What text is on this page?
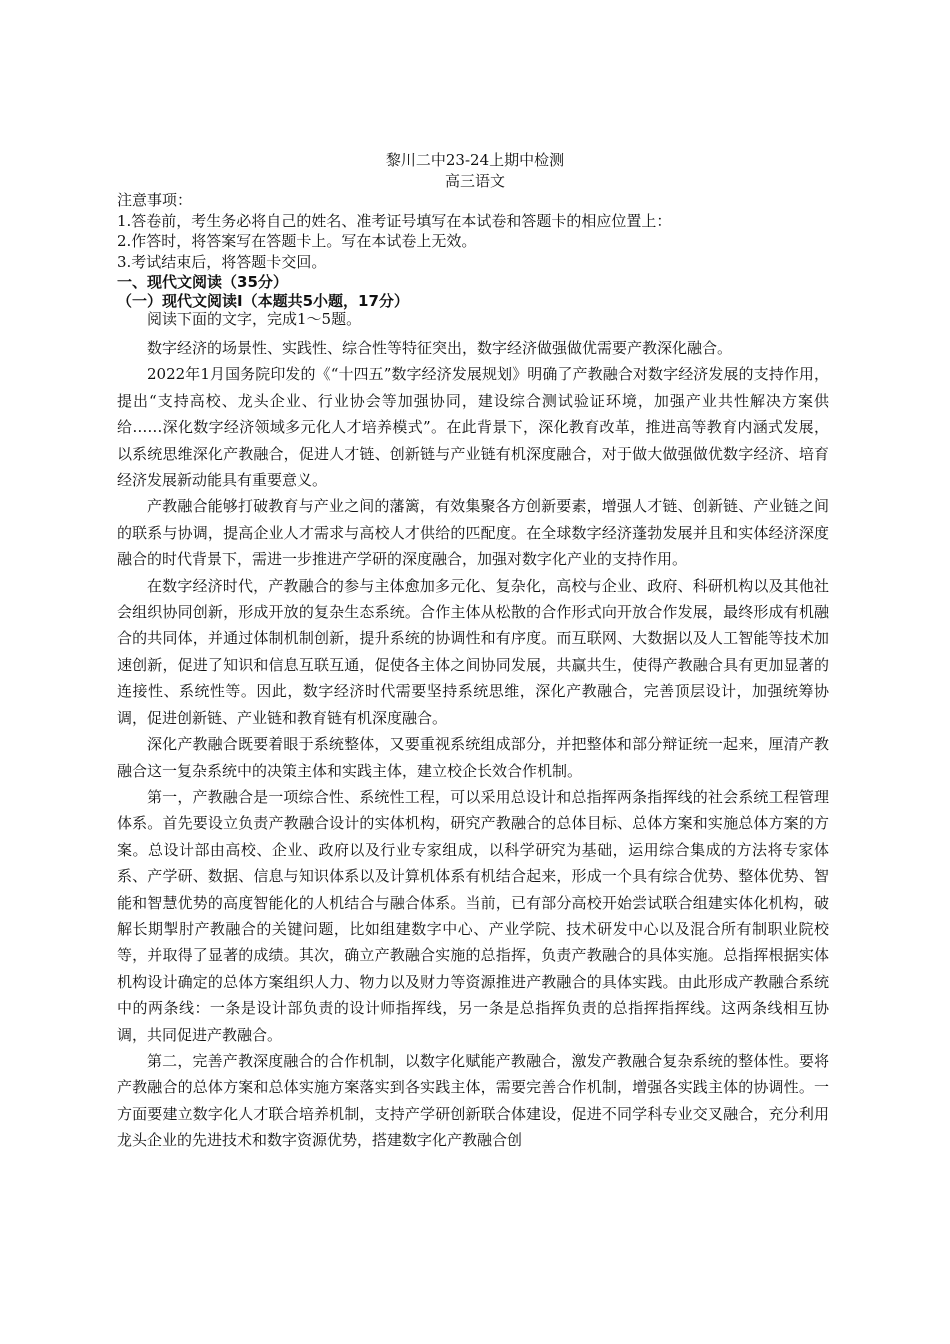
黎川二中23-24上期中检测
高三语文
注意事项：
1.答卷前，考生务必将自己的姓名、准考证号填写在本试卷和答题卡的相应位置上：
2.作答时，将答案写在答题卡上。写在本试卷上无效。
3.考试结束后，将答题卡交回。
一、现代文阅读（35分）
（一）现代文阅读Ⅰ（本题共5小题，17分）

阅读下面的文字，完成1～5题。

数字经济的场景性、实践性、综合性等特征突出，数字经济做强做优需要产教深化融合。

2022年1月国务院印发的《“十四五”数字经济发展规划》明确了产教融合对数字经济发展的支持作用，提出“支持高校、龙头企业、行业协会等加强协同，建设综合测试验证环境，加强产业共性解决方案供给……深化数字经济领域多元化人才培养模式”。在此背景下，深化教育改革，推进高等教育内涵式发展，以系统思维深化产教融合，促进人才链、创新链与产业链有机深度融合，对于做大做强做优数字经济、培育经济发展新动能具有重要意义。

产教融合能够打破教育与产业之间的藩篱，有效集聚各方创新要素，增强人才链、创新链、产业链之间的联系与协调，提高企业人才需求与高校人才供给的匹配度。在全球数字经济蓬勃发展并且和实体经济深度融合的时代背景下，需进一步推进产学研的深度融合，加强对数字化产业的支持作用。

在数字经济时代，产教融合的参与主体愈加多元化、复杂化，高校与企业、政府、科研机构以及其他社会组织协同创新，形成开放的复杂生态系统。合作主体从松散的合作形式向开放合作发展，最终形成有机融合的共同体，并通过体制机制创新，提升系统的协调性和有序度。而互联网、大数据以及人工智能等技术加速创新，促进了知识和信息互联互通，促使各主体之间协同发展，共赢共生，使得产教融合具有更加显著的连接性、系统性等。因此，数字经济时代需要坚持系统思维，深化产教融合，完善顶层设计，加强统筹协调，促进创新链、产业链和教育链有机深度融合。

深化产教融合既要着眼于系统整体，又要重视系统组成部分，并把整体和部分辩证统一起来，厘清产教融合这一复杂系统中的决策主体和实践主体，建立校企长效合作机制。

第一，产教融合是一项综合性、系统性工程，可以采用总设计和总指挥两条指挥线的社会系统工程管理体系。首先要设立负责产教融合设计的实体机构，研究产教融合的总体目标、总体方案和实施总体方案的方案。总设计部由高校、企业、政府以及行业专家组成，以科学研究为基础，运用综合集成的方法将专家体系、产学研、数据、信息与知识体系以及计算机体系有机结合起来，形成一个具有综合优势、整体优势、智能和智慧优势的高度智能化的人机结合与融合体系。当前，已有部分高校开始尝试联合组建实体化机构，破解长期掣肘产教融合的关键问题，比如组建数字中心、产业学院、技术研发中心以及混合所有制职业院校等，并取得了显著的成绩。其次，确立产教融合实施的总指挥，负责产教融合的具体实施。总指挥根据实体机构设计确定的总体方案组织人力、物力以及财力等资源推进产教融合的具体实践。由此形成产教融合系统中的两条线：一条是设计部负责的设计师指挥线，另一条是总指挥负责的总指挥指挥线。这两条线相互协调，共同促进产教融合。

第二，完善产教深度融合的合作机制，以数字化赋能产教融合，激发产教融合复杂系统的整体性。要将产教融合的总体方案和总体实施方案落实到各实践主体，需要完善合作机制，增强各实践主体的协调性。一方面要建立数字化人才联合培养机制，支持产学研创新联合体建设，促进不同学科专业交叉融合，充分利用龙头企业的先进技术和数字资源优势，搭建数字化产教融合创
